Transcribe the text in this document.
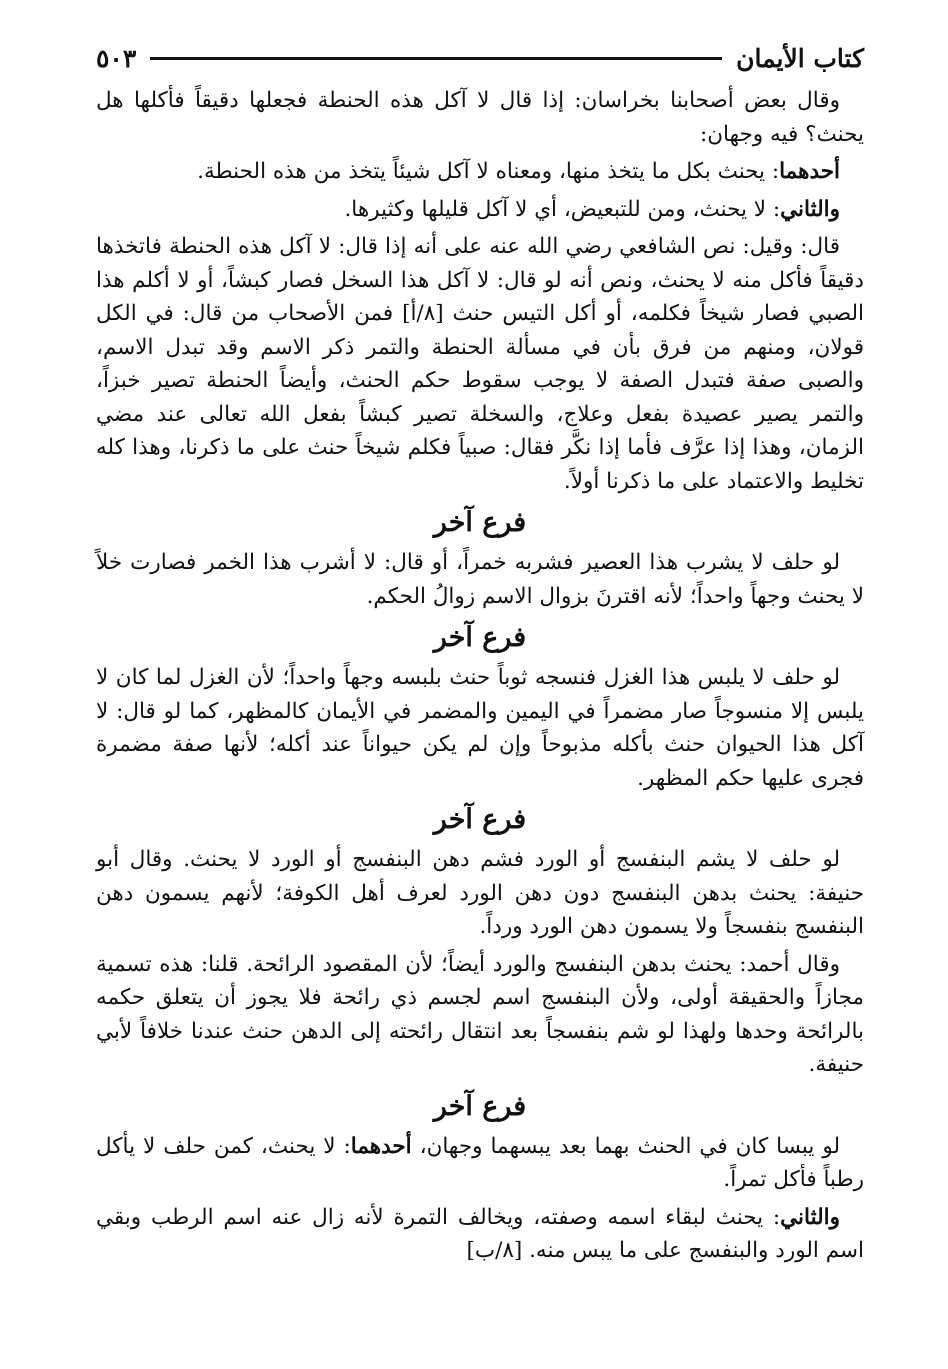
كتاب الأيمان
٥٠٣

وقال بعض أصحابنا بخراسان: إذا قال لا آكل هذه الحنطة فجعلها دقيقاً فأكلها هل يحنث؟ فيه وجهان:

أحدهما: يحنث بكل ما يتخذ منها، ومعناه لا آكل شيئاً يتخذ من هذه الحنطة.

والثاني: لا يحنث، ومن للتبعيض، أي لا آكل قليلها وكثيرها.

قال: وقيل: نص الشافعي رضي الله عنه على أنه إذا قال: لا آكل هذه الحنطة فاتخذها دقيقاً فأكل منه لا يحنث، ونص أنه لو قال: لا آكل هذا السخل فصار كبشاً، أو لا أكلم هذا الصبي فصار شيخاً فكلمه، أو أكل التيس حنث [٨/أ] فمن الأصحاب من قال: في الكل قولان، ومنهم من فرق بأن في مسألة الحنطة والتمر ذكر الاسم وقد تبدل الاسم، والصبى صفة فتبدل الصفة لا يوجب سقوط حكم الحنث، وأيضاً الحنطة تصير خبزاً، والتمر يصير عصيدة بفعل وعلاج، والسخلة تصير كبشاً بفعل الله تعالى عند مضي الزمان، وهذا إذا عرَّف فأما إذا نكَّر فقال: صبياً فكلم شيخاً حنث على ما ذكرنا، وهذا كله تخليط والاعتماد على ما ذكرنا أولاً.

فرع آخر

لو حلف لا يشرب هذا العصير فشربه خمراً، أو قال: لا أشرب هذا الخمر فصارت خلاً لا يحنث وجهاً واحداً؛ لأنه اقترنَ بزوال الاسم زوالُ الحكم.

فرع آخر

لو حلف لا يلبس هذا الغزل فنسجه ثوباً حنث بلبسه وجهاً واحداً؛ لأن الغزل لما كان لا يلبس إلا منسوجاً صار مضمراً في اليمين والمضمر في الأيمان كالمظهر، كما لو قال: لا آكل هذا الحيوان حنث بأكله مذبوحاً وإن لم يكن حيواناً عند أكله؛ لأنها صفة مضمرة فجرى عليها حكم المظهر.

فرع آخر

لو حلف لا يشم البنفسج أو الورد فشم دهن البنفسج أو الورد لا يحنث. وقال أبو حنيفة: يحنث بدهن البنفسج دون دهن الورد لعرف أهل الكوفة؛ لأنهم يسمون دهن البنفسج بنفسجاً ولا يسمون دهن الورد ورداً.

وقال أحمد: يحنث بدهن البنفسج والورد أيضاً؛ لأن المقصود الرائحة. قلنا: هذه تسمية مجازاً والحقيقة أولى، ولأن البنفسج اسم لجسم ذي رائحة فلا يجوز أن يتعلق حكمه بالرائحة وحدها ولهذا لو شم بنفسجاً بعد انتقال رائحته إلى الدهن حنث عندنا خلافاً لأبي حنيفة.

فرع آخر

لو يبسا كان في الحنث بهما بعد يبسهما وجهان، أحدهما: لا يحنث، كمن حلف لا يأكل رطباً فأكل تمراً.

والثاني: يحنث لبقاء اسمه وصفته، ويخالف التمرة لأنه زال عنه اسم الرطب وبقي اسم الورد والبنفسج على ما يبس منه. [٨/ب]
